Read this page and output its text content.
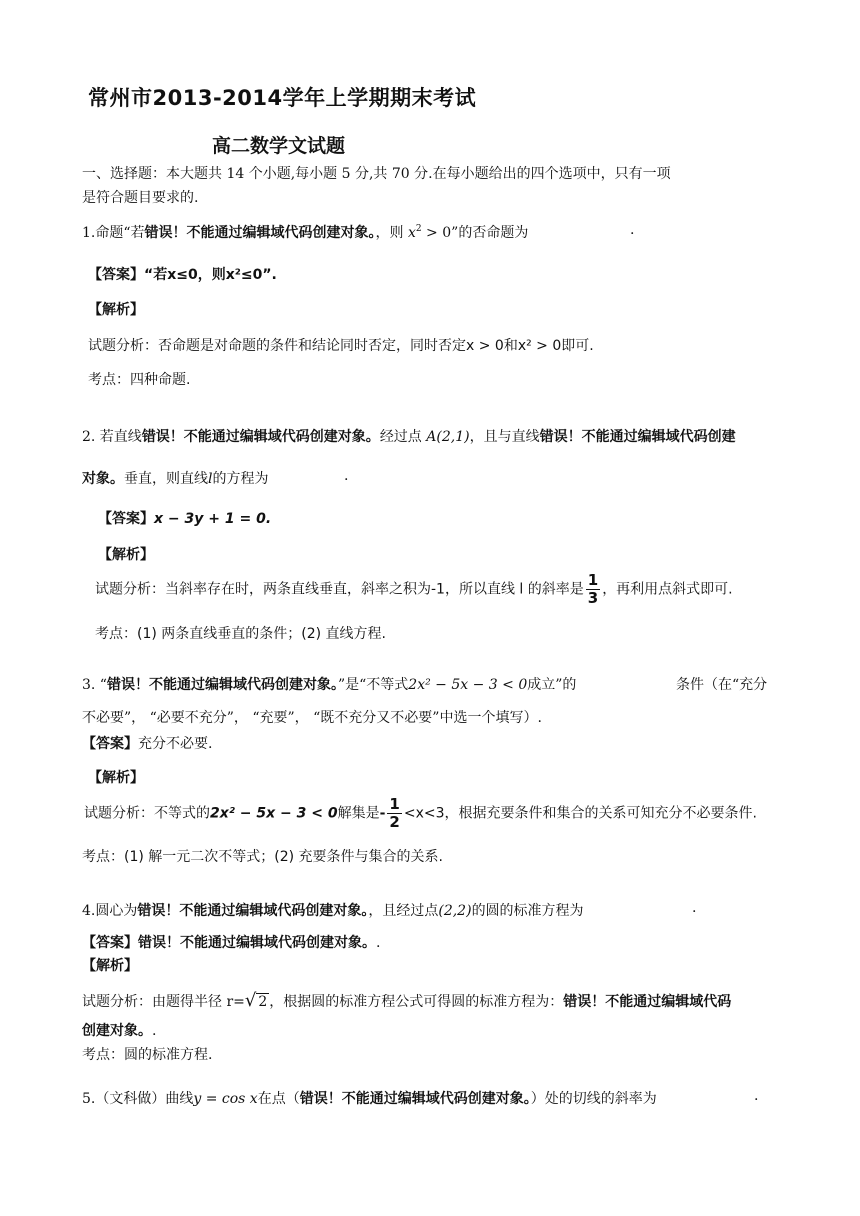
常州市2013-2014学年上学期期末考试
高二数学文试题
一、选择题：本大题共 14 个小题,每小题 5 分,共 70 分.在每小题给出的四个选项中，只有一项
是符合题目要求的.
1.命题“若错误！不能通过编辑域代码创建对象。，则 $x^2 > 0$”的否命题为	.
【答案】“若x≤0，则x²≤0”.
【解析】
试题分析：否命题是对命题的条件和结论同时否定，同时否定x > 0和x² > 0即可.
考点：四种命题.
2. 若直线错误！不能通过编辑域代码创建对象。经过点 A(2,1)，且与直线错误！不能通过编辑域代码创建
对象。垂直，则直线l的方程为	.
【答案】x − 3y + 1 = 0.
【解析】
试题分析：当斜率存在时，两条直线垂直，斜率之积为-1，所以直线 l 的斜率是 $\frac{1}{3}$ ，再利用点斜式即可.
考点：(1) 两条直线垂直的条件；(2) 直线方程.
3. “错误！不能通过编辑域代码创建对象。”是“不等式2x² − 5x − 3 < 0成立”的	条件（在“充分
不必要”， “必要不充分”， “充要”， “既不充分又不必要”中选一个填写）.
【答案】充分不必要.
【解析】
试题分析：不等式的2x² − 5x − 3 < 0解集是- $\frac{1}{2} <x<3$，根据充要条件和集合的关系可知充分不必要条件.
考点：(1) 解一元二次不等式；(2) 充要条件与集合的关系.
4.圆心为错误！不能通过编辑域代码创建对象。，且经过点(2,2)的圆的标准方程为	.
【答案】错误！不能通过编辑域代码创建对象。.
【解析】
试题分析：由题得半径 r=√ 2 ，根据圆的标准方程公式可得圆的标准方程为：错误！不能通过编辑域代码
创建对象。.
考点：圆的标准方程.
5.（文科做）曲线y = cos x在点（错误！不能通过编辑域代码创建对象。）处的切线的斜率为	.
